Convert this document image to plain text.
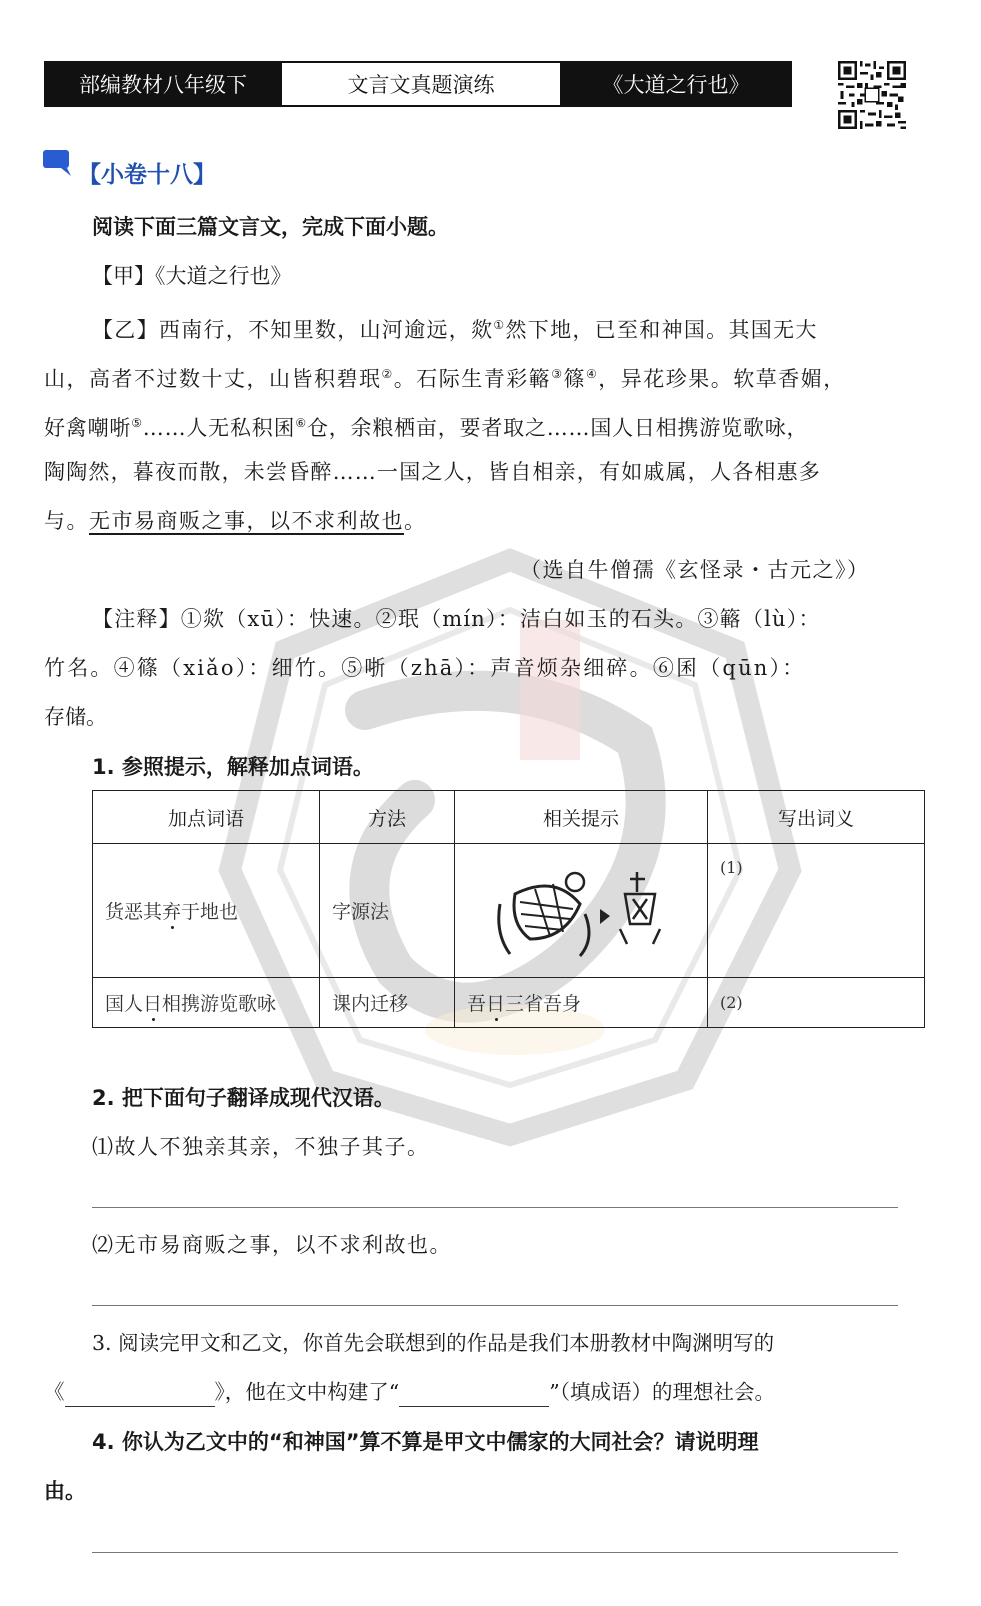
部编教材八年级下	文言文真题演练	《大道之行也》
【小卷十八】
阅读下面三篇文言文，完成下面小题。
【甲】《大道之行也》
【乙】西南行，不知里数，山河逾远，欻①然下地，已至和神国。其国无大
山，高者不过数十丈，山皆积碧珉②。石际生青彩簵③篠④，异花珍果。软草香媚，
好禽嘲哳⑤……人无私积囷⑥仓，余粮栖亩，要者取之……国人日相携游览歌咏，
陶陶然，暮夜而散，未尝昏醉……一国之人，皆自相亲，有如戚属，人各相惠多
与。无市易商贩之事，以不求利故也。
（选自牛僧孺《玄怪录・古元之》）
【注释】①欻（xū）：快速。②珉（mín）：洁白如玉的石头。③簵（lù）：
竹名。④篠（xiǎo）：细竹。⑤哳（zhā）：声音烦杂细碎。⑥囷（qūn）：
存储。
1. 参照提示，解释加点词语。
加点词语	方法	相关提示	写出词义
货恶其弃于地也	字源法		(1)
国人日相携游览歌咏	课内迁移	吾日三省吾身	(2)
2. 把下面句子翻译成现代汉语。
⑴故人不独亲其亲，不独子其子。
⑵无市易商贩之事，以不求利故也。
3. 阅读完甲文和乙文，你首先会联想到的作品是我们本册教材中陶渊明写的
《	》，他在文中构建了“	”（填成语）的理想社会。
4. 你认为乙文中的“和神国”算不算是甲文中儒家的大同社会？请说明理
由。
